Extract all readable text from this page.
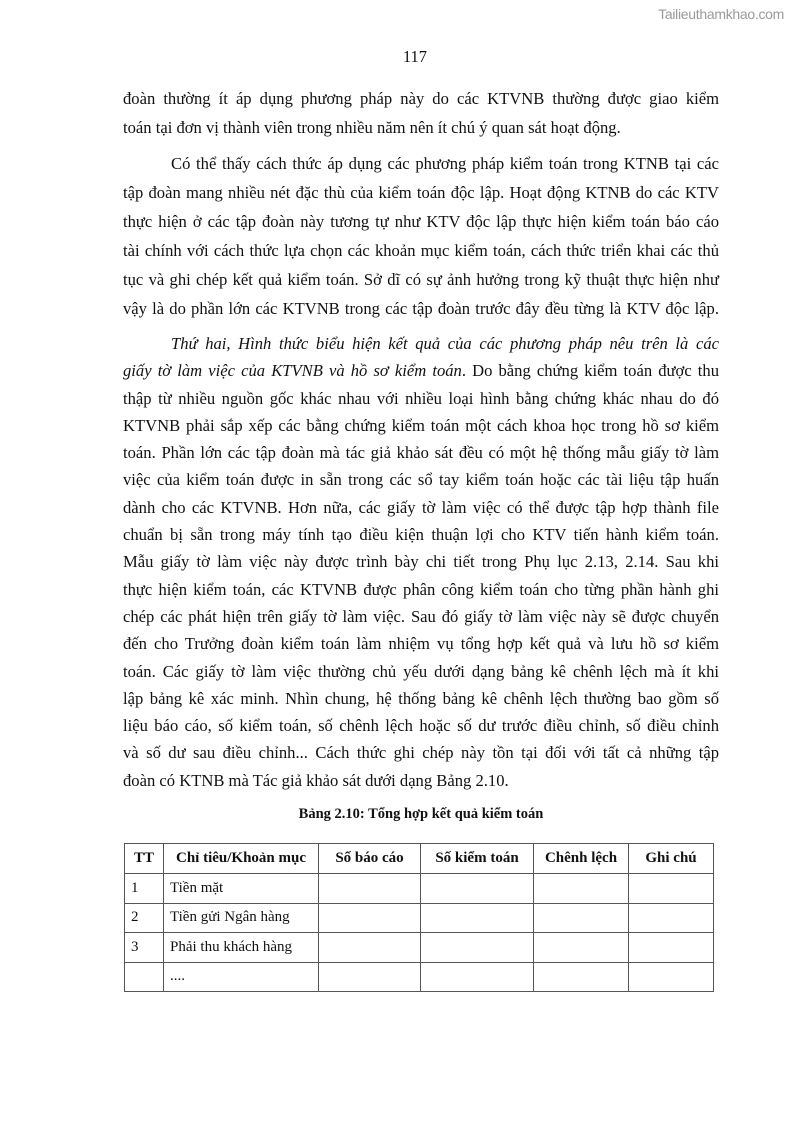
Tailieuthamkhao.com
117
đoàn thường ít áp dụng phương pháp này do các KTVNB thường được giao kiểm
toán tại đơn vị thành viên trong nhiều năm nên ít chú ý quan sát hoạt động.
Có thể thấy cách thức áp dụng các phương pháp kiểm toán trong KTNB tại các
tập đoàn mang nhiều nét đặc thù của kiểm toán độc lập. Hoạt động KTNB do các KTV
thực hiện ở các tập đoàn này tương tự như KTV độc lập thực hiện kiểm toán báo cáo
tài chính với cách thức lựa chọn các khoản mục kiểm toán, cách thức triển khai các thủ
tục và ghi chép kết quả kiểm toán. Sở dĩ có sự ảnh hưởng trong kỹ thuật thực hiện như
vậy là do phần lớn các KTVNB trong các tập đoàn trước đây đều từng là KTV độc lập.
Thứ hai, Hình thức biểu hiện kết quả của các phương pháp nêu trên là các
giấy tờ làm việc của KTVNB và hồ sơ kiểm toán. Do bằng chứng kiểm toán được thu
thập từ nhiều nguồn gốc khác nhau với nhiều loại hình bằng chứng khác nhau do đó
KTVNB phải sắp xếp các bằng chứng kiểm toán một cách khoa học trong hồ sơ kiểm
toán. Phần lớn các tập đoàn mà tác giả khảo sát đều có một hệ thống mẫu giấy tờ làm
việc của kiểm toán được in sẵn trong các sổ tay kiểm toán hoặc các tài liệu tập huấn
dành cho các KTVNB. Hơn nữa, các giấy tờ làm việc có thể được tập hợp thành file
chuẩn bị sẵn trong máy tính tạo điều kiện thuận lợi cho KTV tiến hành kiểm toán.
Mẫu giấy tờ làm việc này được trình bày chi tiết trong Phụ lục 2.13, 2.14. Sau khi
thực hiện kiểm toán, các KTVNB được phân công kiểm toán cho từng phần hành ghi
chép các phát hiện trên giấy tờ làm việc. Sau đó giấy tờ làm việc này sẽ được chuyển
đến cho Trưởng đoàn kiểm toán làm nhiệm vụ tổng hợp kết quả và lưu hồ sơ kiểm
toán. Các giấy tờ làm việc thường chủ yếu dưới dạng bảng kê chênh lệch mà ít khi
lập bảng kê xác minh. Nhìn chung, hệ thống bảng kê chênh lệch thường bao gồm số
liệu báo cáo, số kiểm toán, số chênh lệch hoặc số dư trước điều chỉnh, số điều chỉnh
và số dư sau điều chỉnh... Cách thức ghi chép này tồn tại đối với tất cả những tập
đoàn có KTNB mà Tác giả khảo sát dưới dạng Bảng 2.10.
Bảng 2.10: Tổng hợp kết quả kiểm toán
TT	Chỉ tiêu/Khoản mục	Số báo cáo	Số kiểm toán	Chênh lệch	Ghi chú
1	Tiền mặt				
2	Tiền gửi Ngân hàng				
3	Phải thu khách hàng				
	....				
